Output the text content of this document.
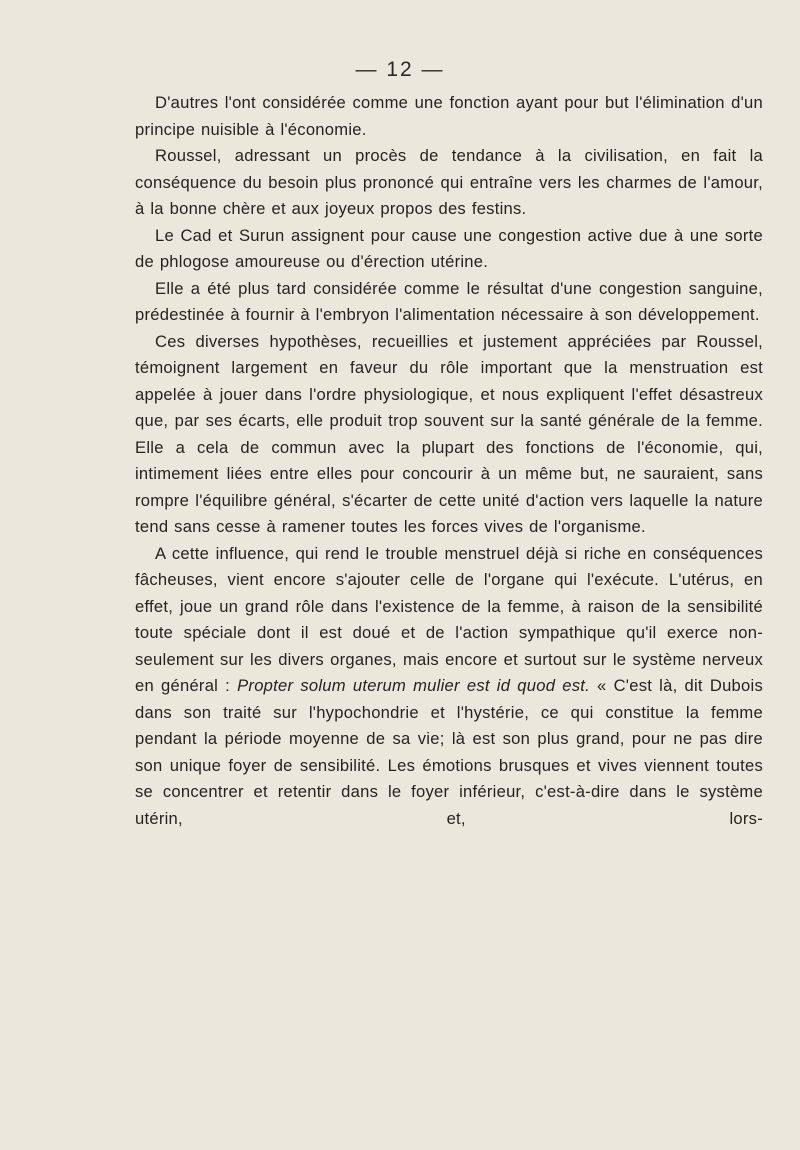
— 12 —

D'autres l'ont considérée comme une fonction ayant pour but l'élimination d'un principe nuisible à l'économie.

Roussel, adressant un procès de tendance à la civilisation, en fait la conséquence du besoin plus prononcé qui entraîne vers les charmes de l'amour, à la bonne chère et aux joyeux propos des festins.

Le Cad et Surun assignent pour cause une congestion active due à une sorte de phlogose amoureuse ou d'érection utérine.

Elle a été plus tard considérée comme le résultat d'une congestion sanguine, prédestinée à fournir à l'embryon l'alimentation nécessaire à son développement.

Ces diverses hypothèses, recueillies et justement appréciées par Roussel, témoignent largement en faveur du rôle important que la menstruation est appelée à jouer dans l'ordre physiologique, et nous expliquent l'effet désastreux que, par ses écarts, elle produit trop souvent sur la santé générale de la femme. Elle a cela de commun avec la plupart des fonctions de l'économie, qui, intimement liées entre elles pour concourir à un même but, ne sauraient, sans rompre l'équilibre général, s'écarter de cette unité d'action vers laquelle la nature tend sans cesse à ramener toutes les forces vives de l'organisme.

A cette influence, qui rend le trouble menstruel déjà si riche en conséquences fâcheuses, vient encore s'ajouter celle de l'organe qui l'exécute. L'utérus, en effet, joue un grand rôle dans l'existence de la femme, à raison de la sensibilité toute spéciale dont il est doué et de l'action sympathique qu'il exerce non-seulement sur les divers organes, mais encore et surtout sur le système nerveux en général : Propter solum uterum mulier est id quod est. « C'est là, dit Dubois dans son traité sur l'hypochondrie et l'hystérie, ce qui constitue la femme pendant la période moyenne de sa vie; là est son plus grand, pour ne pas dire son unique foyer de sensibilité. Les émotions brusques et vives viennent toutes se concentrer et retentir dans le foyer inférieur, c'est-à-dire dans le système utérin, et, lors-
